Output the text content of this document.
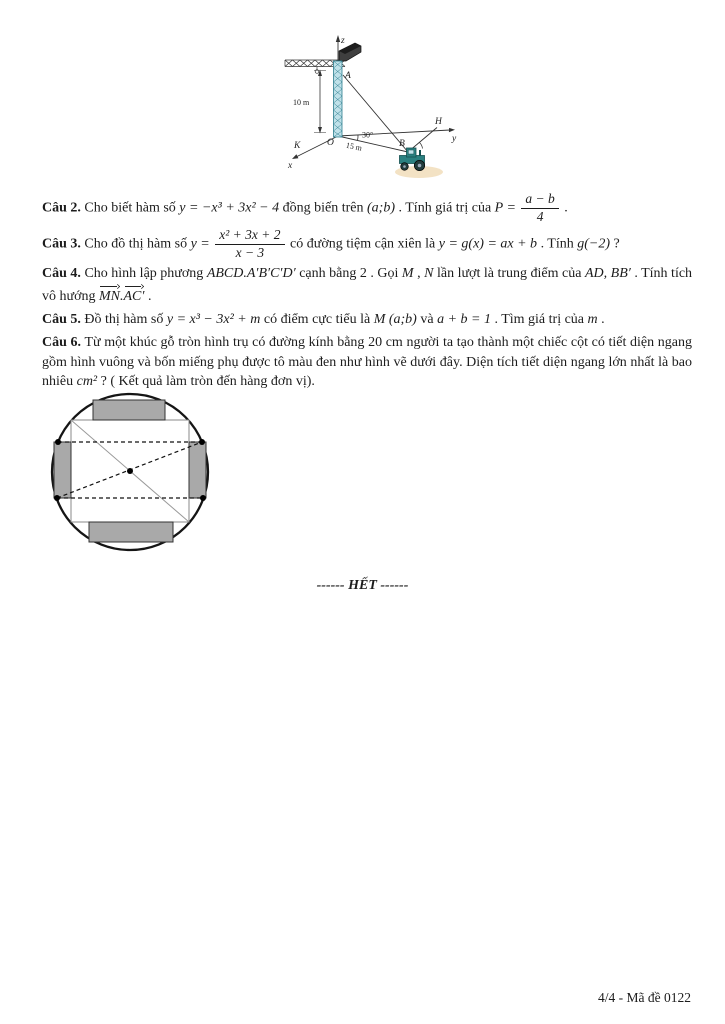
z
A
O
K
x
y
H
B
10 m
30°
15 m

Câu 2. Cho biết hàm số y = −x³ + 3x² − 4 đồng biến trên (a;b) . Tính giá trị của $P = \frac{a - b}{4}$ .

Câu 3. Cho đồ thị hàm số $y = \frac{\text{x² + 3x + 2}}{x - 3}$ có đường tiệm cận xiên là y = g(x) = ax + b . Tính g(−2) ?

Câu 4. Cho hình lập phương ABCD.A′B′C′D′ cạnh bằng 2 . Gọi M , N lần lượt là trung điểm của AD, BB′ . Tính tích vô hướng MN.AC′ .

Câu 5. Đồ thị hàm số y = x³ − 3x² + m có điểm cực tiểu là M (a;b) và a + b = 1 . Tìm giá trị của m .

Câu 6. Từ một khúc gỗ tròn hình trụ có đường kính bằng 20 cm người ta tạo thành một chiếc cột có tiết diện ngang gồm hình vuông và bốn miếng phụ được tô màu đen như hình vẽ dưới đây. Diện tích tiết diện ngang lớn nhất là bao nhiêu cm² ? ( Kết quả làm tròn đến hàng đơn vị).

------ HẾT ------
4/4 - Mã đề 0122
